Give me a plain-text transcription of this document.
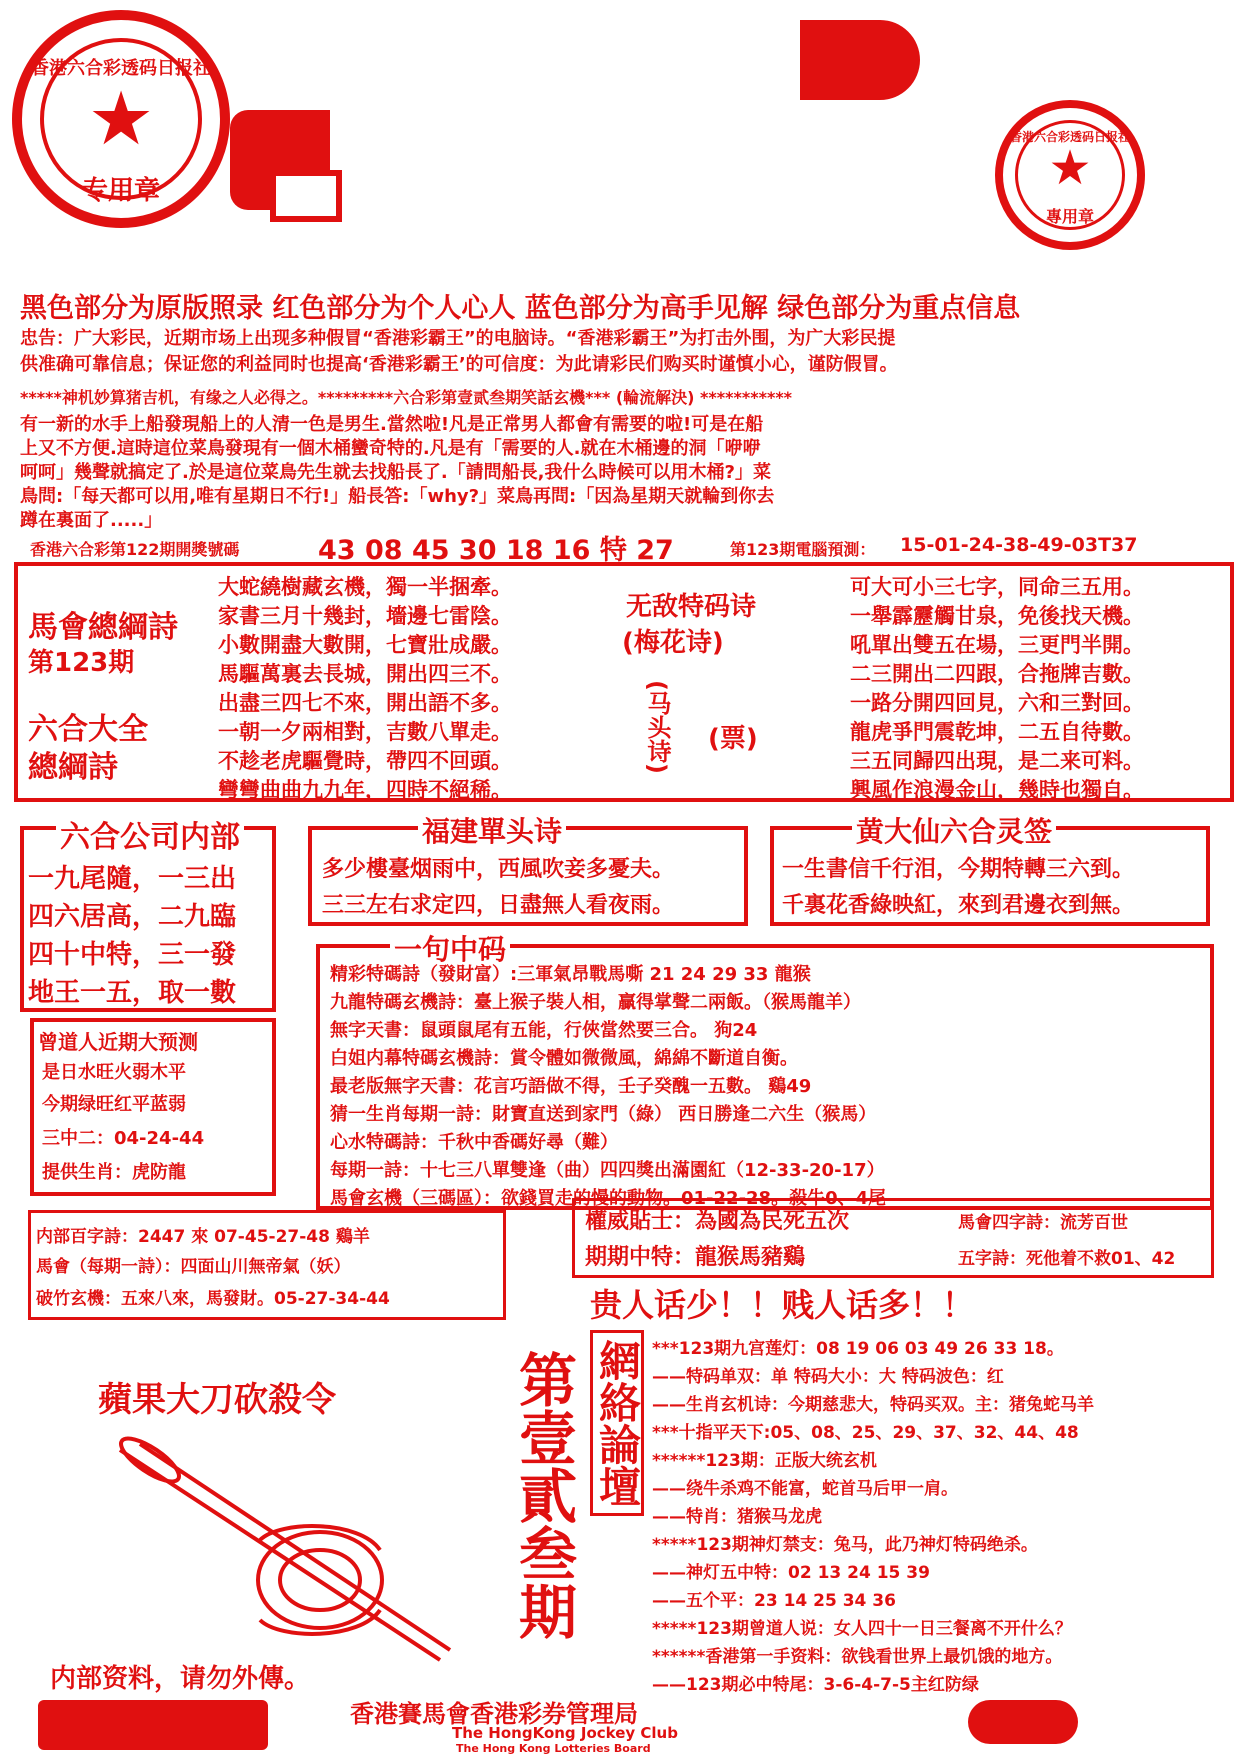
香港六合彩透码日报社
★
专用章
香港六合彩透码日报社
★
專用章
黑色部分为原版照录 红色部分为个人心人 蓝色部分为高手见解 绿色部分为重点信息
忠告：广大彩民，近期市场上出现多种假冒“香港彩霸王”的电脑诗。“香港彩霸王”为打击外围，为广大彩民提
供准确可靠信息；保证您的利益同时也提高‘香港彩霸王’的可信度：为此请彩民们购买时谨慎小心，谨防假冒。
*****神机妙算猪吉机，有缘之人必得之。*********六合彩第壹贰叁期笑話玄機*** (輪流解決) ***********
有一新的水手上船發現船上的人清一色是男生.當然啦!凡是正常男人都會有需要的啦!可是在船
上又不方便.這時這位菜鳥發現有一個木桶蠻奇特的.凡是有「需要的人.就在木桶邊的洞「咿咿
呵呵」幾聲就搞定了.於是這位菜鳥先生就去找船長了.「請問船長,我什么時候可以用木桶?」菜
鳥問:「每天都可以用,唯有星期日不行!」船長答:「why?」菜鳥再問:「因為星期天就輪到你去
蹲在裏面了.....」
香港六合彩第122期開獎號碼	43 08 45 30 18 16 特 27	第123期電腦預測： 15-01-24-38-49-03T37
馬會總綱詩
第123期
六合大全
總綱詩
大蛇繞樹藏玄機，獨一半捆牽。
家書三月十幾封，墻邊七雷陰。
小數開盡大數開，七寶壯成嚴。
馬驅萬裏去長城，開出四三不。
出盡三四七不來，開出語不多。
一朝一夕兩相對，吉數八單走。
不趁老虎驅覺時，帶四不回頭。
彎彎曲曲九九年，四時不絕稀。
无敌特码诗
(梅花诗)
(马头诗) (票)
可大可小三七字，同命三五用。
一舉霹靂觸甘泉，免後找天機。
吼單出雙五在場，三更門半開。
二三開出二四跟，合拖牌吉數。
一路分開四回見，六和三對回。
龍虎爭門震乾坤，二五自待數。
三五同歸四出現，是二来可料。
興風作浪漫金山，幾時也獨自。
六合公司内部
一九尾隨，一三出
四六居高，二九臨
四十中特，三一發
地王一五，取一數
福建單头诗
多少樓臺烟雨中，西風吹妾多憂夫。
三三左右求定四，日盡無人看夜雨。
黄大仙六合灵签
一生書信千行泪，今期特轉三六到。
千裏花香綠映紅，來到君邊衣到無。
一句中码
精彩特碼詩（發財富）:三軍氣昂戰馬嘶 21 24 29 33 龍猴
九龍特碼玄機詩：臺上猴子裝人相，贏得掌聲二兩飯。（猴馬龍羊）
無字天書：鼠頭鼠尾有五能，行俠當然要三合。 狗24
白姐内幕特碼玄機詩：賞令體如微微風，綿綿不斷道自衡。
最老版無字天書：花言巧語做不得，壬子癸醜一五數。 鷄49
猜一生肖每期一詩：財寶直送到家門（綠） 西日勝逢二六生（猴馬）
心水特碼詩：千秋中香碼好尋（難）
每期一詩：十七三八單雙逢（曲）四四獎出滿園紅（12-33-20-17）
馬會玄機（三碼區）：欲錢買走的慢的動物。01-22-28。殺牛0、4尾
曾道人近期大预测
是日水旺火弱木平
今期绿旺红平蓝弱
三中二：04-24-44
提供生肖：虎防龍
内部百字詩：2447 來 07-45-27-48 鷄羊
馬會（每期一詩）：四面山川無帝氣（妖）
破竹玄機：五來八來，馬發財。05-27-34-44
權威貼士：為國為民死五次	馬會四字詩：流芳百世
期期中特：龍猴馬豬鷄	五字詩：死他着不救01、42
贵人话少！！贱人话多！！
蘋果大刀砍殺令
内部资料，请勿外傳。
第壹貳叁期 網絡論壇 ***123期九宫莲灯：08 19 06 03 49 26 33 18。
——特码单双：单 特码大小：大 特码波色：红
——生肖玄机诗：今期慈悲大，特码买双。主：猪兔蛇马羊
***十指平天下:05、08、25、29、37、32、44、48
******123期：正版大统玄机
——绕牛杀鸡不能富，蛇首马后甲一肩。
——特肖：猪猴马龙虎
*****123期神灯禁支：兔马，此乃神灯特码绝杀。
——神灯五中特：02 13 24 15 39
——五个平：23 14 25 34 36
*****123期曾道人说：女人四十一日三餐离不开什么？
******香港第一手资料：欲钱看世界上最饥饿的地方。
——123期必中特尾：3-6-4-7-5主红防绿
香港賽馬會香港彩券管理局
The HongKong Jockey Club
The Hong Kong Lotteries Board
